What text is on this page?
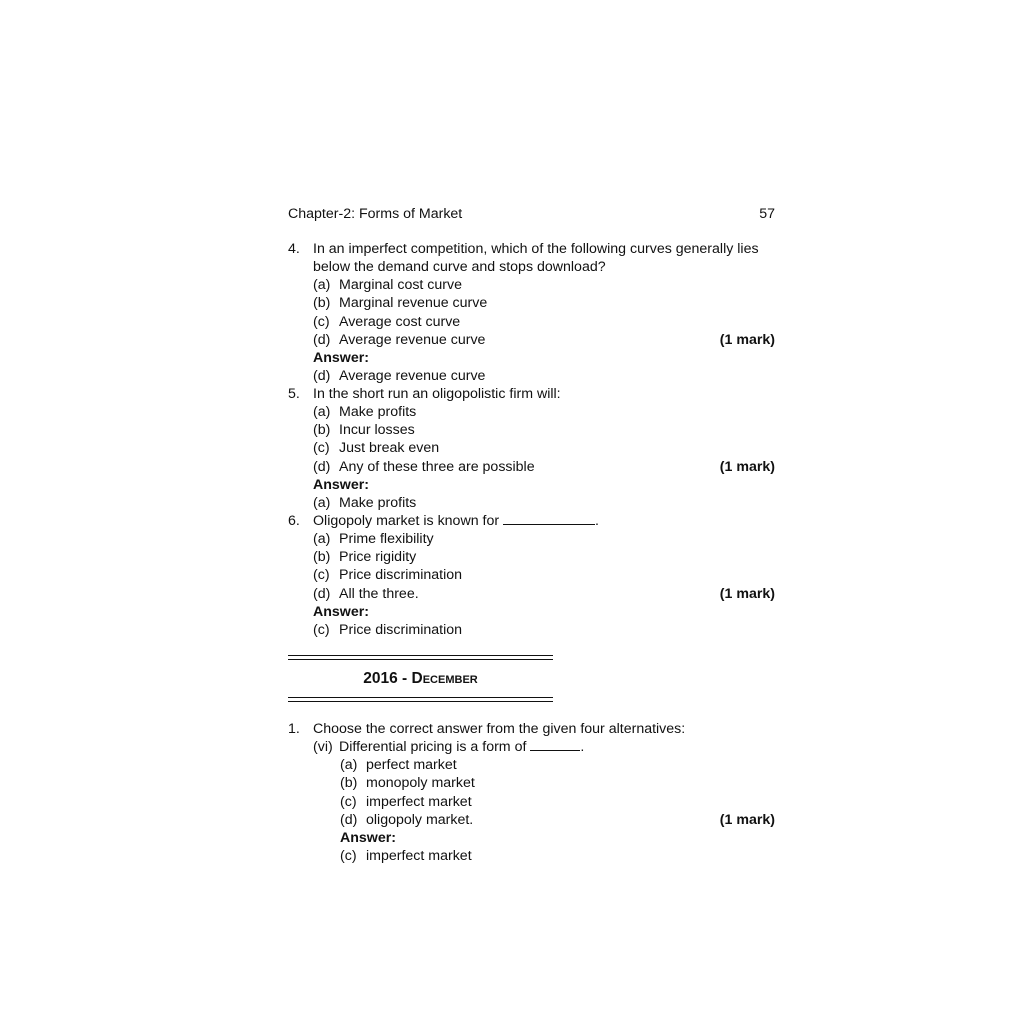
Chapter-2: Forms of Market	57
4. In an imperfect competition, which of the following curves generally lies
below the demand curve and stops download?
(a) Marginal cost curve
(b) Marginal revenue curve
(c) Average cost curve
(d) Average revenue curve	(1 mark)
Answer:
(d) Average revenue curve
5. In the short run an oligopolistic firm will:
(a) Make profits
(b) Incur losses
(c) Just break even
(d) Any of these three are possible	(1 mark)
Answer:
(a) Make profits
6. Oligopoly market is known for	.
(a) Prime flexibility
(b) Price rigidity
(c) Price discrimination
(d) All the three.	(1 mark)
Answer:
(c) Price discrimination
2016 - December
1. Choose the correct answer from the given four alternatives:
(vi) Differential pricing is a form of	.
(a) perfect market
(b) monopoly market
(c) imperfect market
(d) oligopoly market.	(1 mark)
Answer:
(c) imperfect market
